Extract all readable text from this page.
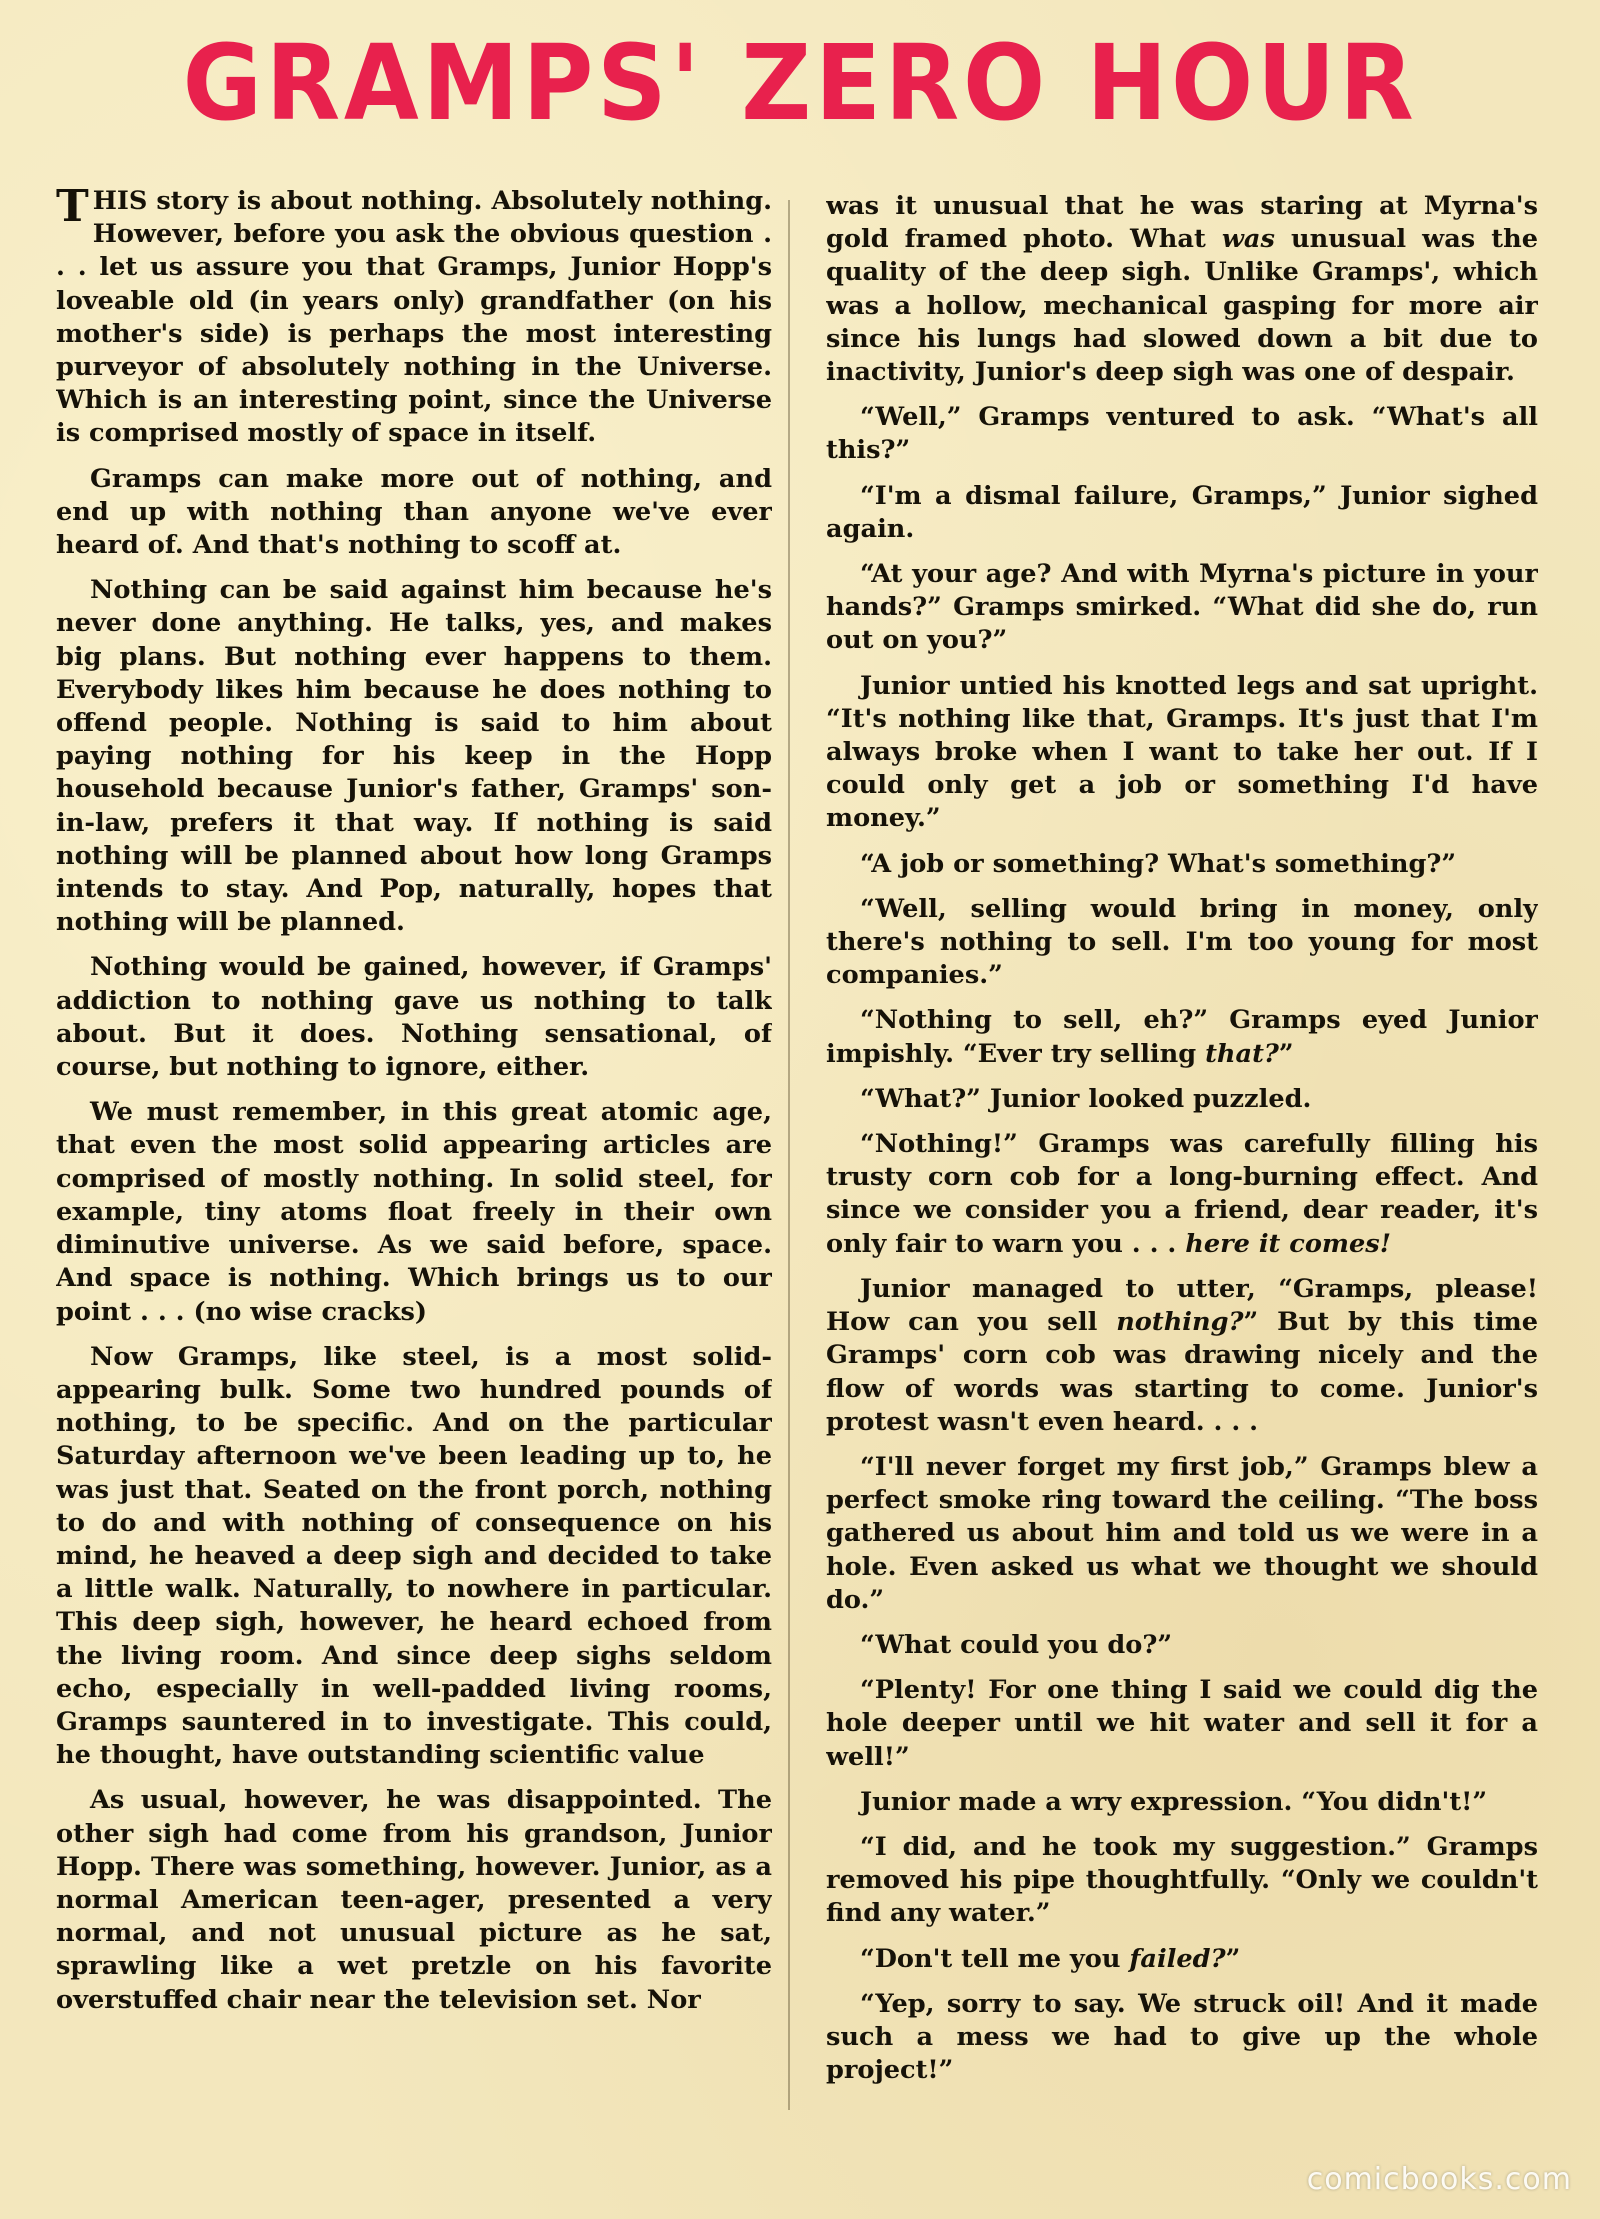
GRAMPS' ZERO HOUR

THIS story is about nothing. Absolutely nothing. However, before you ask the obvious question . . . let us assure you that Gramps, Junior Hopp's loveable old (in years only) grandfather (on his mother's side) is perhaps the most interesting purveyor of absolutely nothing in the Universe. Which is an interesting point, since the Universe is comprised mostly of space in itself.

Gramps can make more out of nothing, and end up with nothing than anyone we've ever heard of. And that's nothing to scoff at.

Nothing can be said against him because he's never done anything. He talks, yes, and makes big plans. But nothing ever happens to them. Everybody likes him because he does nothing to offend people. Nothing is said to him about paying nothing for his keep in the Hopp household because Junior's father, Gramps' son-in-law, prefers it that way. If nothing is said nothing will be planned about how long Gramps intends to stay. And Pop, naturally, hopes that nothing will be planned.

Nothing would be gained, however, if Gramps' addiction to nothing gave us nothing to talk about. But it does. Nothing sensational, of course, but nothing to ignore, either.

We must remember, in this great atomic age, that even the most solid appearing articles are comprised of mostly nothing. In solid steel, for example, tiny atoms float freely in their own diminutive universe. As we said before, space. And space is nothing. Which brings us to our point . . . (no wise cracks)

Now Gramps, like steel, is a most solid-appearing bulk. Some two hundred pounds of nothing, to be specific. And on the particular Saturday afternoon we've been leading up to, he was just that. Seated on the front porch, nothing to do and with nothing of consequence on his mind, he heaved a deep sigh and decided to take a little walk. Naturally, to nowhere in particular. This deep sigh, however, he heard echoed from the living room. And since deep sighs seldom echo, especially in well-padded living rooms, Gramps sauntered in to investigate. This could, he thought, have outstanding scientific value

As usual, however, he was disappointed. The other sigh had come from his grandson, Junior Hopp. There was something, however. Junior, as a normal American teen-ager, presented a very normal, and not unusual picture as he sat, sprawling like a wet pretzle on his favorite overstuffed chair near the television set. Nor

was it unusual that he was staring at Myrna's gold framed photo. What was unusual was the quality of the deep sigh. Unlike Gramps', which was a hollow, mechanical gasping for more air since his lungs had slowed down a bit due to inactivity, Junior's deep sigh was one of despair.

“Well,” Gramps ventured to ask. “What's all this?”

“I'm a dismal failure, Gramps,” Junior sighed again.

“At your age? And with Myrna's picture in your hands?” Gramps smirked. “What did she do, run out on you?”

Junior untied his knotted legs and sat upright. “It's nothing like that, Gramps. It's just that I'm always broke when I want to take her out. If I could only get a job or something I'd have money.”

“A job or something? What's something?”

“Well, selling would bring in money, only there's nothing to sell. I'm too young for most companies.”

“Nothing to sell, eh?” Gramps eyed Junior impishly. “Ever try selling that?”

“What?” Junior looked puzzled.

“Nothing!” Gramps was carefully filling his trusty corn cob for a long-burning effect. And since we consider you a friend, dear reader, it's only fair to warn you . . . here it comes!

Junior managed to utter, “Gramps, please! How can you sell nothing?” But by this time Gramps' corn cob was drawing nicely and the flow of words was starting to come. Junior's protest wasn't even heard. . . .

“I'll never forget my first job,” Gramps blew a perfect smoke ring toward the ceiling. “The boss gathered us about him and told us we were in a hole. Even asked us what we thought we should do.”

“What could you do?”

“Plenty! For one thing I said we could dig the hole deeper until we hit water and sell it for a well!”

Junior made a wry expression. “You didn't!”

“I did, and he took my suggestion.” Gramps removed his pipe thoughtfully. “Only we couldn't find any water.”

“Don't tell me you failed?”

“Yep, sorry to say. We struck oil! And it made such a mess we had to give up the whole project!”

comicbooks.com
